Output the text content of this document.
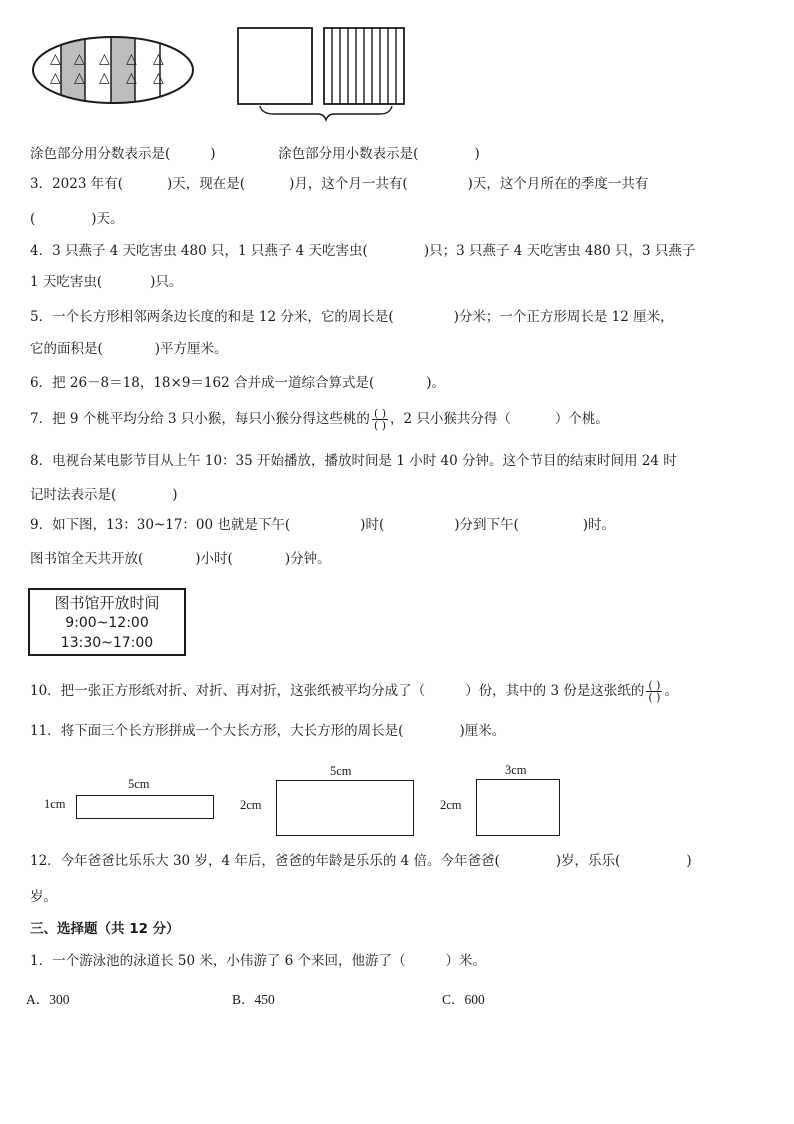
△
△
△
△
△
△
△
△
△
△
涂色部分用分数表示是(	)	涂色部分用小数表示是(	)
3．2023 年有(	)天，现在是(	)月，这个月一共有(	)天，这个月所在的季度一共有
(	)天。
4．3 只燕子 4 天吃害虫 480 只，1 只燕子 4 天吃害虫(	)只；3 只燕子 4 天吃害虫 480 只，3 只燕子
1 天吃害虫(	)只。
5．一个长方形相邻两条边长度的和是 12 分米，它的周长是(	)分米；一个正方形周长是 12 厘米，
它的面积是(	)平方厘米。
6．把 26－8＝18，18×9＝162 合并成一道综合算式是(	)。
7．把 9 个桃平均分给 3 只小猴，每只小猴分得这些桃的 $\frac{( )}{( )}$ ，2 只小猴共分得（	）个桃。
8．电视台某电影节目从上午 10：35 开始播放，播放时间是 1 小时 40 分钟。这个节目的结束时间用 24 时
记时法表示是(	)
9．如下图，13：30~17：00 也就是下午(	)时(	)分到下午(	)时。
图书馆全天共开放(	)小时(	)分钟。
图书馆开放时间
9:00~12:00
13:30~17:00
10．把一张正方形纸对折、对折、再对折，这张纸被平均分成了（	）份，其中的 3 份是这张纸的 $\frac{( )}{( )}$ 。
11．将下面三个长方形拼成一个大长方形，大长方形的周长是(	)厘米。
5cm
1cm
5cm
2cm
3cm
2cm
12．今年爸爸比乐乐大 30 岁，4 年后，爸爸的年龄是乐乐的 4 倍。今年爸爸(	)岁，乐乐(	)
岁。
三、选择题（共 12 分）
1．一个游泳池的泳道长 50 米，小伟游了 6 个来回，他游了（	）米。
A．300	B．450	C．600
